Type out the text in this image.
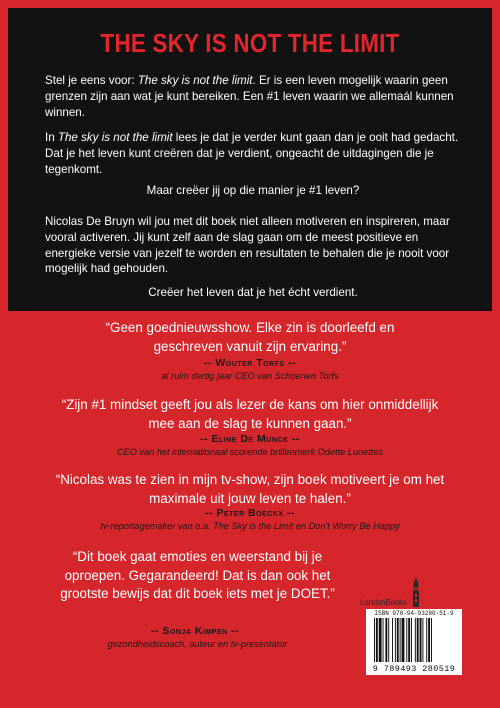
THE SKY IS NOT THE LIMIT

Stel je eens voor: The sky is not the limit. Er is een leven mogelijk waarin geen grenzen zijn aan wat je kunt bereiken. Een #1 leven waarin we allemaál kunnen winnen.

In The sky is not the limit lees je dat je verder kunt gaan dan je ooit had gedacht. Dat je het leven kunt creëren dat je verdient, ongeacht de uitdagingen die je tegenkomt.

Maar creëer jij op die manier je #1 leven?

Nicolas De Bruyn wil jou met dit boek niet alleen motiveren en inspireren, maar vooral activeren. Jij kunt zelf aan de slag gaan om de meest positieve en energieke versie van jezelf te worden en resultaten te behalen die je nooit voor mogelijk had gehouden.

Creëer het leven dat je het écht verdient.

“Geen goednieuwsshow. Elke zin is doorleefd en geschreven vanuit zijn ervaring.”
-- Wouter Torfs --
al ruim dertig jaar CEO van Schoenen Torfs
“Zijn #1 mindset geeft jou als lezer de kans om hier onmiddellijk mee aan de slag te kunnen gaan.”
-- Eline De Munck --
CEO van het internationaal scorende brillenmerk Odette Lunettes
“Nicolas was te zien in mijn tv-show, zijn boek motiveert je om het maximale uit jouw leven te halen.”
-- Peter Boeckx --
tv-reportagemaker van o.a. The Sky is the Limit en Don't Worry Be Happy
“Dit boek gaat emoties en weerstand bij je oproepen. Gegarandeerd! Dat is dan ook het grootste bewijs dat dit boek iets met je DOET.”
-- Sonja Kimpen --
gezondheidscoach, auteur en tv-presentator
LondonBooks
ISBN 978-94-93280-51-9
9 789493 280519
